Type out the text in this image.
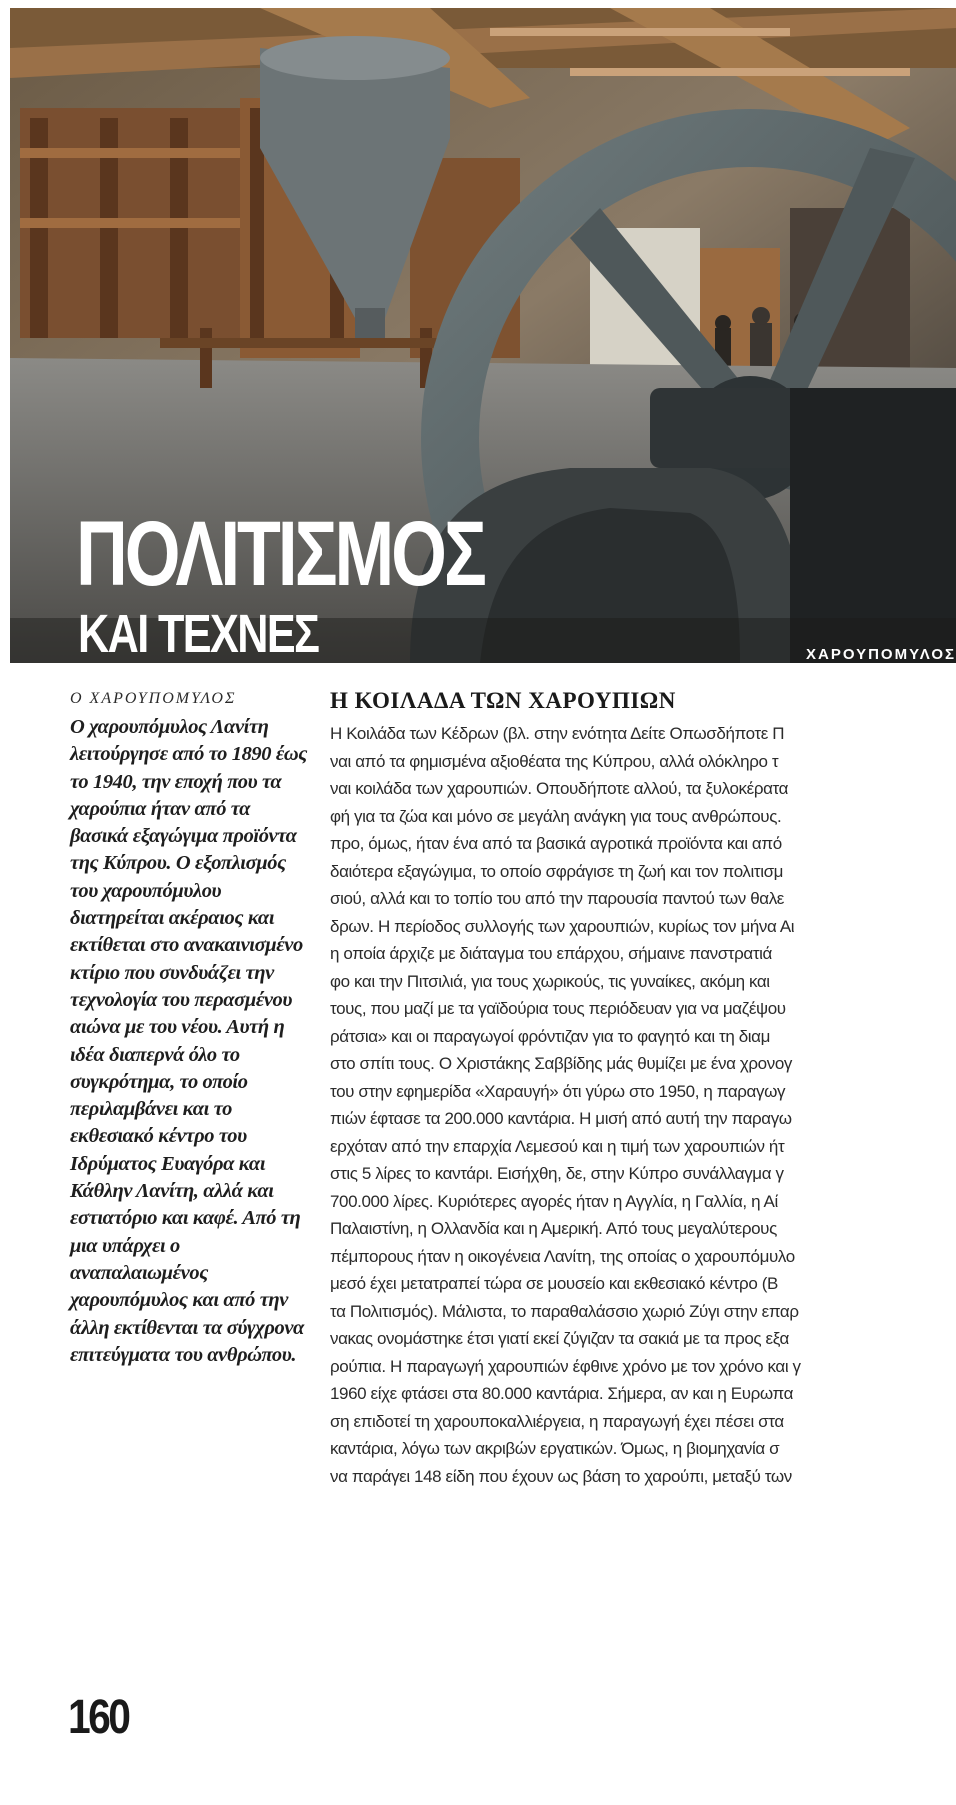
ΠΟΛΙΤΙΣΜΟΣ
ΚΑΙ ΤΕΧΝΕΣ	ΧΑΡΟΥΠΟΜΥΛΟΣ

Ο ΧΑΡΟΥΠΟΜΥΛΟΣ

Ο χαρουπόμυλος Λανίτη λειτούργησε από το 1890 έως το 1940, την εποχή που τα χαρούπια ήταν από τα βασικά εξαγώγιμα προϊόντα της Κύπρου. Ο εξοπλισμός του χαρουπόμυλου διατηρείται ακέραιος και εκτίθεται στο ανακαινισμένο κτίριο που συνδυάζει την τεχνολογία του περασμένου αιώνα με του νέου. Αυτή η ιδέα διαπερνά όλο το συγκρότημα, το οποίο περιλαμβάνει και το εκθεσιακό κέντρο του Ιδρύματος Ευαγόρα και Κάθλην Λανίτη, αλλά και εστιατόριο και καφέ. Από τη μια υπάρχει ο αναπαλαιωμένος χαρουπόμυλος και από την άλλη εκτίθενται τα σύγχρονα επιτεύγματα του ανθρώπου.

Η ΚΟΙΛΑΔΑ ΤΩΝ ΧΑΡΟΥΠΙΩΝ
Η Κοιλάδα των Κέδρων (βλ. στην ενότητα Δείτε Οπωσδήποτε Π
ναι από τα φημισμένα αξιοθέατα της Κύπρου, αλλά ολόκληρο τ
ναι κοιλάδα των χαρουπιών. Οπουδήποτε αλλού, τα ξυλοκέρατα
φή για τα ζώα και μόνο σε μεγάλη ανάγκη για τους ανθρώπους.
προ, όμως, ήταν ένα από τα βασικά αγροτικά προϊόντα και από
δαιότερα εξαγώγιμα, το οποίο σφράγισε τη ζωή και τον πολιτισμ
σιού, αλλά και το τοπίο του από την παρουσία παντού των θαλε
δρων. Η περίοδος συλλογής των χαρουπιών, κυρίως τον μήνα Αι
η οποία άρχιζε με διάταγμα του επάρχου, σήμαινε πανστρατιά
φο και την Πιτσιλιά, για τους χωρικούς, τις γυναίκες, ακόμη και
τους, που μαζί με τα γαϊδούρια τους περιόδευαν για να μαζέψου
ράτσια» και οι παραγωγοί φρόντιζαν για το φαγητό και τη διαμ
στο σπίτι τους. Ο Χριστάκης Σαββίδης μάς θυμίζει με ένα χρονογ
του στην εφημερίδα «Χαραυγή» ότι γύρω στο 1950, η παραγωγ
πιών έφτασε τα 200.000 καντάρια. Η μισή από αυτή την παραγω
ερχόταν από την επαρχία Λεμεσού και η τιμή των χαρουπιών ήτ
στις 5 λίρες το καντάρι. Εισήχθη, δε, στην Κύπρο συνάλλαγμα γ
700.000 λίρες. Κυριότερες αγορές ήταν η Αγγλία, η Γαλλία, η Αί
Παλαιστίνη, η Ολλανδία και η Αμερική. Από τους μεγαλύτερους
πέμπορους ήταν η οικογένεια Λανίτη, της οποίας ο χαρουπόμυλο
μεσό έχει μετατραπεί τώρα σε μουσείο και εκθεσιακό κέντρο (Β
τα Πολιτισμός). Μάλιστα, το παραθαλάσσιο χωριό Ζύγι στην επαρ
νακας ονομάστηκε έτσι γιατί εκεί ζύγιζαν τα σακιά με τα προς εξα
ρούπια. Η παραγωγή χαρουπιών έφθινε χρόνο με τον χρόνο και γ
1960 είχε φτάσει στα 80.000 καντάρια. Σήμερα, αν και η Ευρωπα
ση επιδοτεί τη χαρουποκαλλιέργεια, η παραγωγή έχει πέσει στα
καντάρια, λόγω των ακριβών εργατικών. Όμως, η βιομηχανία σ
να παράγει 148 είδη που έχουν ως βάση το χαρούπι, μεταξύ των
160
